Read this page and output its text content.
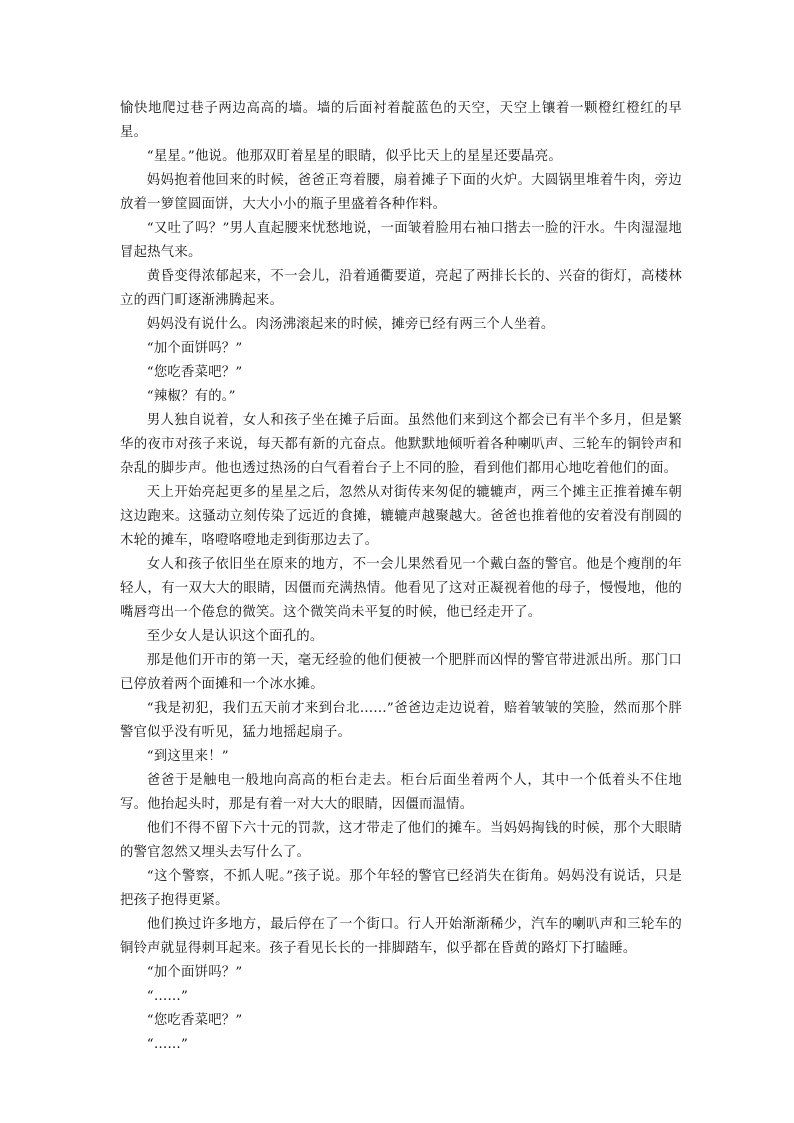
愉快地爬过巷子两边高高的墙。墙的后面衬着靛蓝色的天空，天空上镶着一颗橙红橙红的早星。

“星星。”他说。他那双盯着星星的眼睛，似乎比天上的星星还要晶亮。

妈妈抱着他回来的时候，爸爸正弯着腰，扇着摊子下面的火炉。大圆锅里堆着牛肉，旁边放着一箩筐圆面饼，大大小小的瓶子里盛着各种作料。

“又吐了吗？”男人直起腰来忧愁地说，一面皱着脸用右袖口揩去一脸的汗水。牛肉湿湿地冒起热气来。

黄昏变得浓郁起来，不一会儿，沿着通衢要道，亮起了两排长长的、兴奋的街灯，高楼林立的西门町逐渐沸腾起来。

妈妈没有说什么。肉汤沸滚起来的时候，摊旁已经有两三个人坐着。

“加个面饼吗？”

“您吃香菜吧？”

“辣椒？有的。”

男人独自说着，女人和孩子坐在摊子后面。虽然他们来到这个都会已有半个多月，但是繁华的夜市对孩子来说，每天都有新的亢奋点。他默默地倾听着各种喇叭声、三轮车的铜铃声和杂乱的脚步声。他也透过热汤的白气看着台子上不同的脸，看到他们都用心地吃着他们的面。

天上开始亮起更多的星星之后，忽然从对街传来匆促的辘辘声，两三个摊主正推着摊车朝这边跑来。这骚动立刻传染了远近的食摊，辘辘声越聚越大。爸爸也推着他的安着没有削圆的木轮的摊车，咯噔咯噔地走到街那边去了。

女人和孩子依旧坐在原来的地方，不一会儿果然看见一个戴白盔的警官。他是个瘦削的年轻人，有一双大大的眼睛，因僵而充满热情。他看见了这对正凝视着他的母子，慢慢地，他的嘴唇弯出一个倦怠的微笑。这个微笑尚未平复的时候，他已经走开了。

至少女人是认识这个面孔的。

那是他们开市的第一天，毫无经验的他们便被一个肥胖而凶悍的警官带进派出所。那门口已停放着两个面摊和一个冰水摊。

“我是初犯，我们五天前才来到台北……”爸爸边走边说着，赔着皱皱的笑脸，然而那个胖警官似乎没有听见，猛力地摇起扇子。

“到这里来！”

爸爸于是触电一般地向高高的柜台走去。柜台后面坐着两个人，其中一个低着头不住地写。他抬起头时，那是有着一对大大的眼睛，因僵而温情。

他们不得不留下六十元的罚款，这才带走了他们的摊车。当妈妈掏钱的时候，那个大眼睛的警官忽然又埋头去写什么了。

“这个警察，不抓人呢。”孩子说。那个年轻的警官已经消失在街角。妈妈没有说话，只是把孩子抱得更紧。

他们换过许多地方，最后停在了一个街口。行人开始渐渐稀少，汽车的喇叭声和三轮车的铜铃声就显得刺耳起来。孩子看见长长的一排脚踏车，似乎都在昏黄的路灯下打瞌睡。

“加个面饼吗？”

“……”

“您吃香菜吧？”

“……”
